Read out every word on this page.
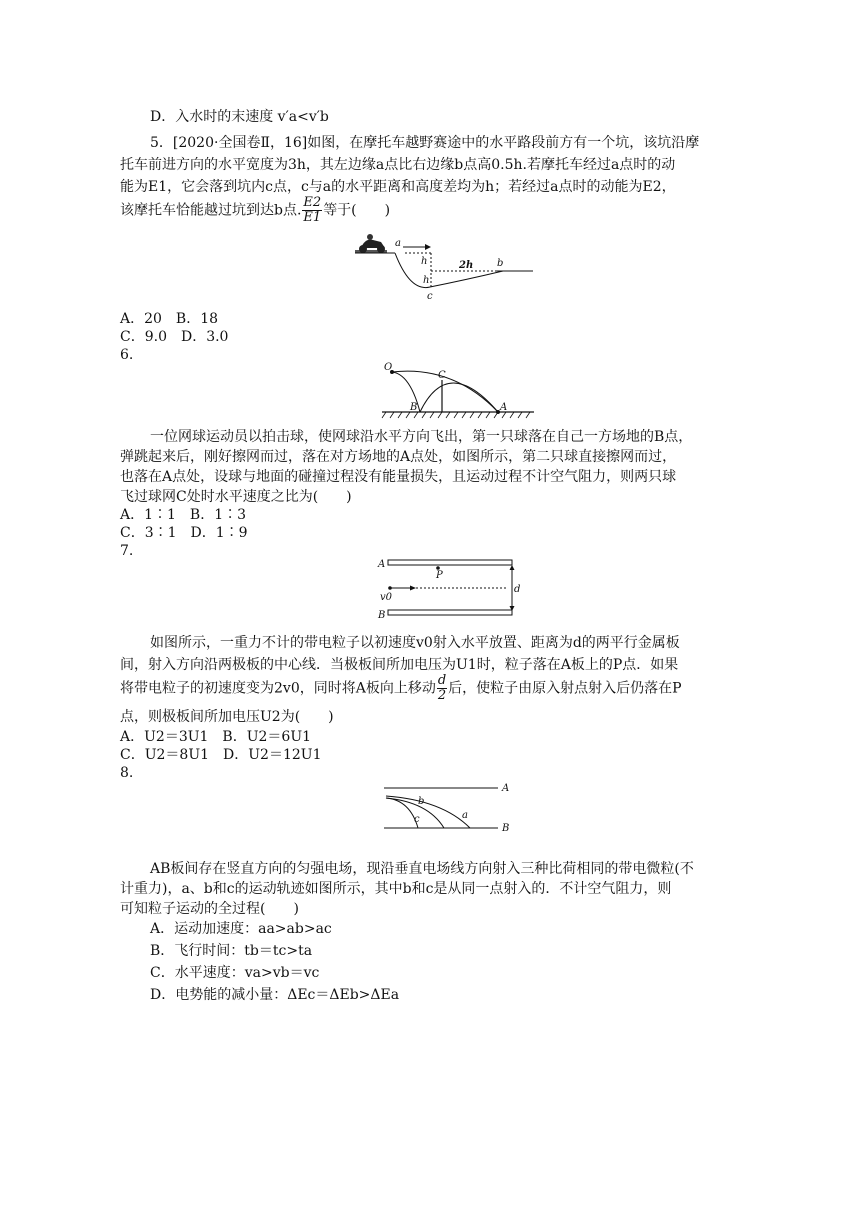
D．入水时的末速度 v′a<v′b
5．[2020·全国卷Ⅱ，16]如图，在摩托车越野赛途中的水平路段前方有一个坑，该坑沿摩
托车前进方向的水平宽度为3h，其左边缘a点比右边缘b点高0.5h.若摩托车经过a点时的动
能为E1，它会落到坑内c点，c与a的水平距离和高度差均为h；若经过a点时的动能为E2，
该摩托车恰能越过坑到达b点. $\frac{E2}{E1}$ 等于(　　)
a
h
h
2h b
c
A．20　B．18
C．9.0　D．3.0
6.
O
C
B	A
一位网球运动员以拍击球，使网球沿水平方向飞出，第一只球落在自己一方场地的B点，
弹跳起来后，刚好擦网而过，落在对方场地的A点处，如图所示，第二只球直接擦网而过，
也落在A点处，设球与地面的碰撞过程没有能量损失，且运动过程不计空气阻力，则两只球
飞过球网C处时水平速度之比为(　　)
A．1∶1　B．1∶3
C．3∶1　D．1∶9
7.
A
P
v0
d
B
如图所示，一重力不计的带电粒子以初速度v0射入水平放置、距离为d的两平行金属板
间，射入方向沿两极板的中心线．当极板间所加电压为U1时，粒子落在A板上的P点．如果
将带电粒子的初速度变为2v0，同时将A板向上移动 $\frac{d}{2}$ 后，使粒子由原入射点射入后仍落在P
点，则极板间所加电压U2为(　　)
A．U2＝3U1　B．U2＝6U1
C．U2＝8U1　D．U2＝12U1
8.
A
B
b
c	a
AB板间存在竖直方向的匀强电场，现沿垂直电场线方向射入三种比荷相同的带电微粒(不
计重力)，a、b和c的运动轨迹如图所示，其中b和c是从同一点射入的．不计空气阻力，则
可知粒子运动的全过程(　　)
A．运动加速度：aa>ab>ac
B．飞行时间：tb＝tc>ta
C．水平速度：va>vb＝vc
D．电势能的减小量：ΔEc＝ΔEb>ΔEa
